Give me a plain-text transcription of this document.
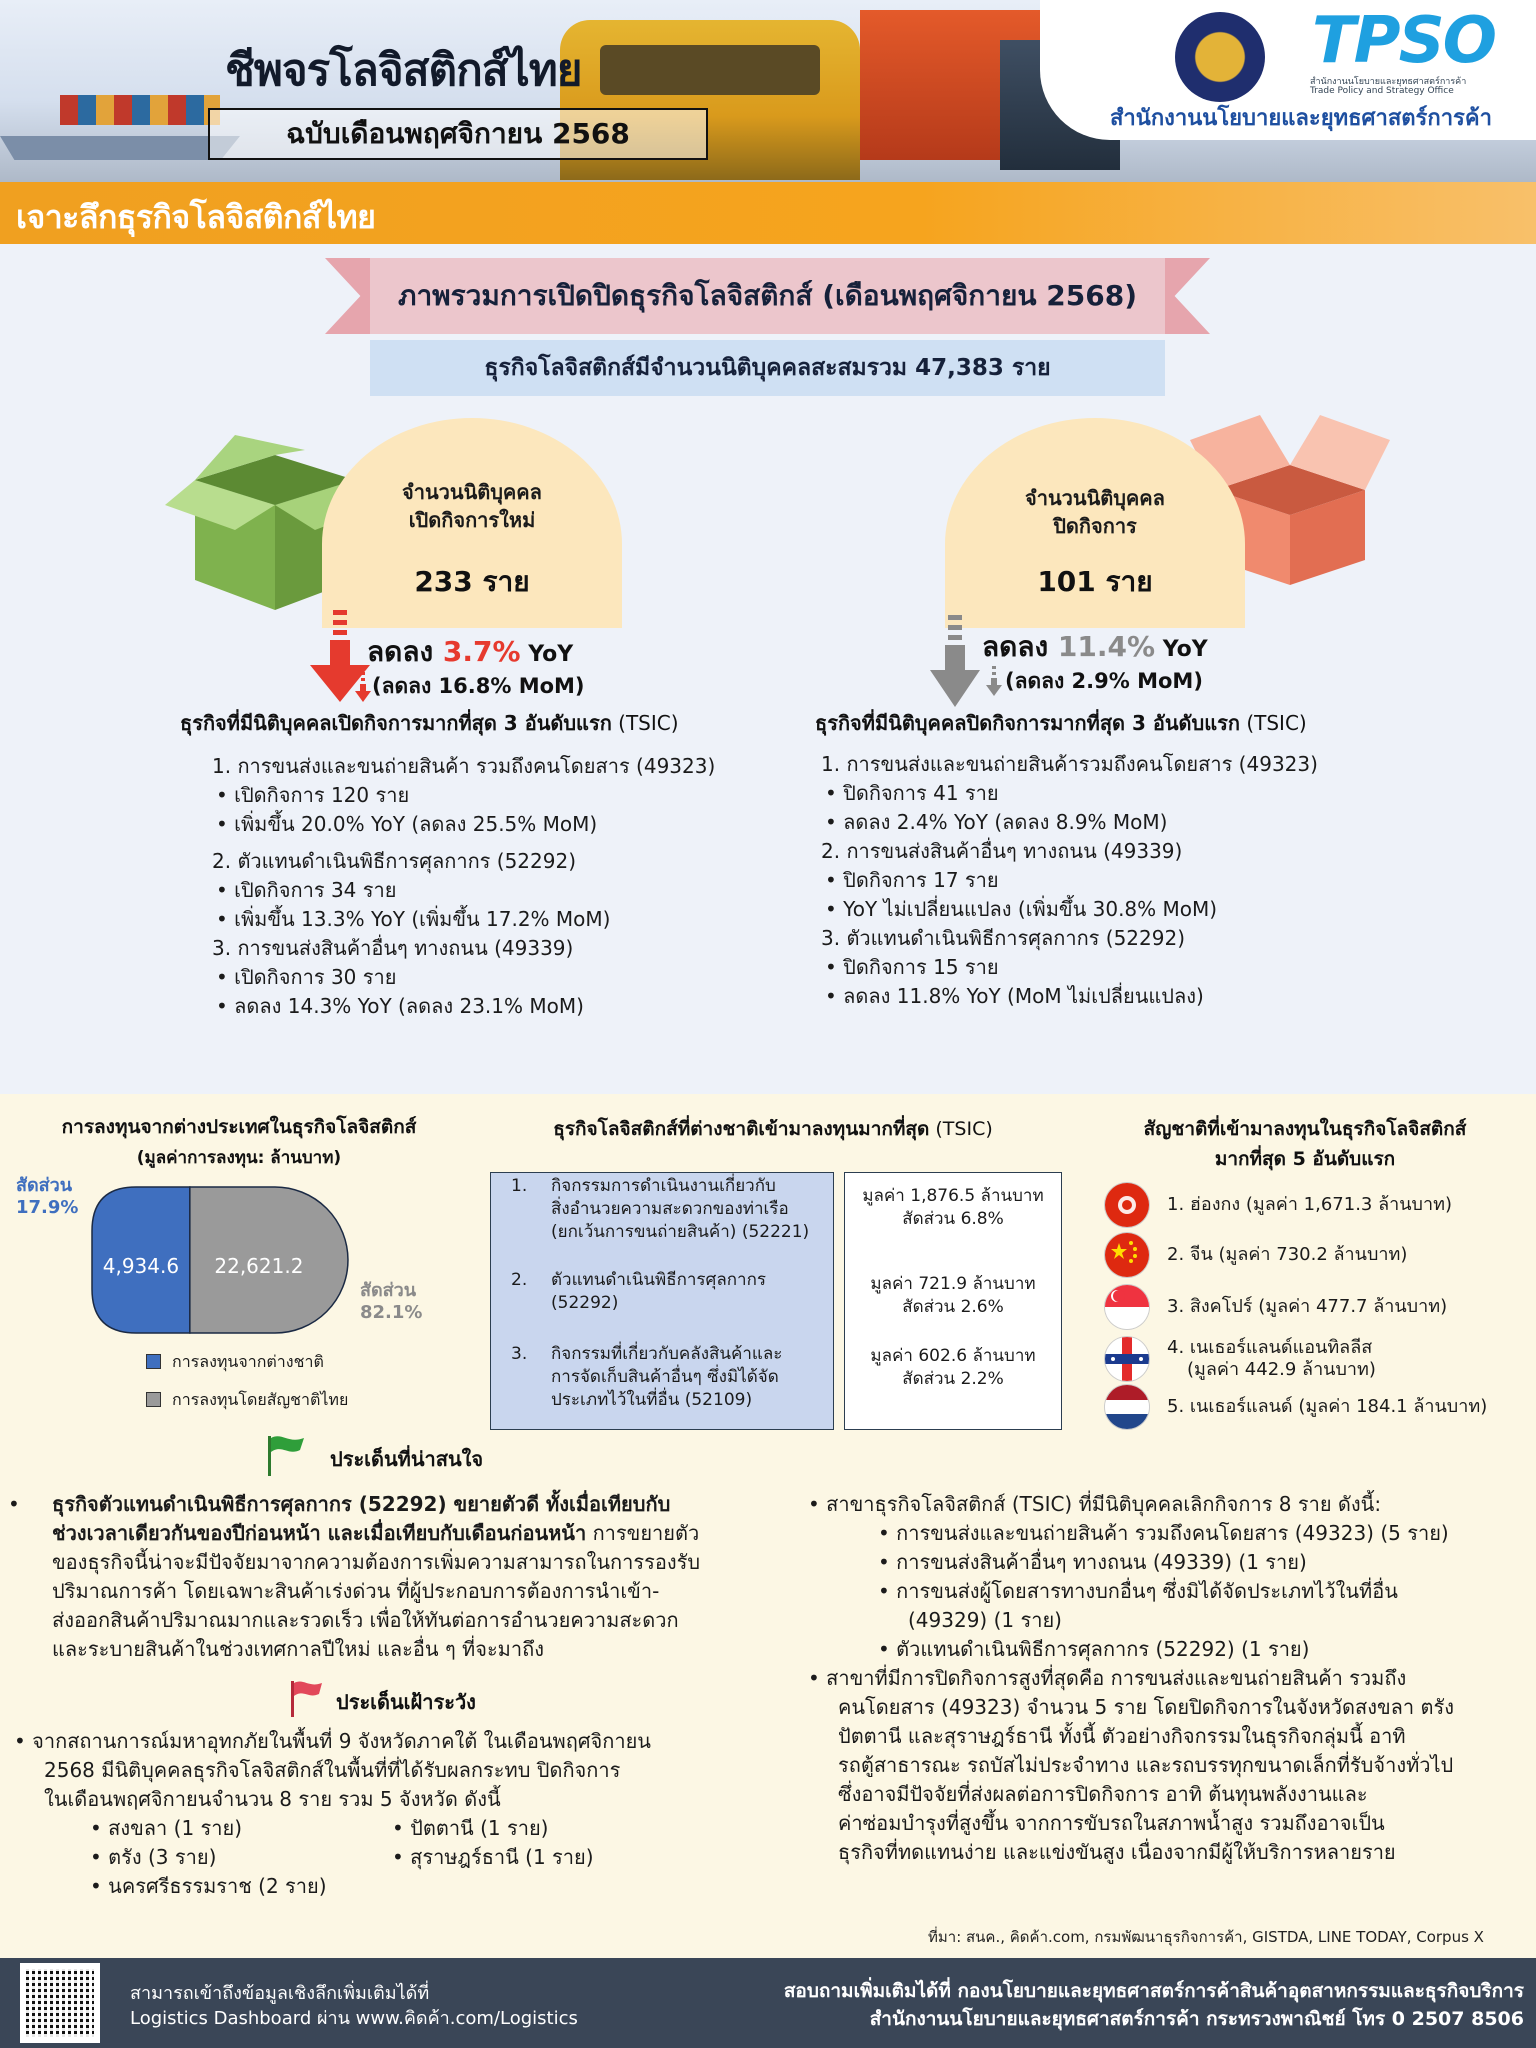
ชีพจรโลจิสติกส์ไทย
ฉบับเดือนพฤศจิกายน 2568
TPSO
สำนักงานนโยบายและยุทธศาสตร์การค้า
Trade Policy and Strategy Office
สำนักงานนโยบายและยุทธศาสตร์การค้า
เจาะลึกธุรกิจโลจิสติกส์ไทย
ภาพรวมการเปิดปิดธุรกิจโลจิสติกส์ (เดือนพฤศจิกายน 2568)
ธุรกิจโลจิสติกส์มีจำนวนนิติบุคคลสะสมรวม 47,383 ราย
จำนวนนิติบุคคล
เปิดกิจการใหม่
233 ราย
จำนวนนิติบุคคล
ปิดกิจการ
101 ราย
ลดลง 3.7% YoY
(ลดลง 16.8% MoM)
ลดลง 11.4% YoY
(ลดลง 2.9% MoM)
ธุรกิจที่มีนิติบุคคลเปิดกิจการมากที่สุด 3 อันดับแรก (TSIC)	ธุรกิจที่มีนิติบุคคลปิดกิจการมากที่สุด 3 อันดับแรก (TSIC)
1. การขนส่งและขนถ่ายสินค้า รวมถึงคนโดยสาร (49323)
• เปิดกิจการ 120 ราย
• เพิ่มขึ้น 20.0% YoY (ลดลง 25.5% MoM)
2. ตัวแทนดำเนินพิธีการศุลกากร (52292)
• เปิดกิจการ 34 ราย
• เพิ่มขึ้น 13.3% YoY (เพิ่มขึ้น 17.2% MoM)
3. การขนส่งสินค้าอื่นๆ ทางถนน (49339)
• เปิดกิจการ 30 ราย
• ลดลง 14.3% YoY (ลดลง 23.1% MoM)
1. การขนส่งและขนถ่ายสินค้ารวมถึงคนโดยสาร (49323)
• ปิดกิจการ 41 ราย
• ลดลง 2.4% YoY (ลดลง 8.9% MoM)
2. การขนส่งสินค้าอื่นๆ ทางถนน (49339)
• ปิดกิจการ 17 ราย
• YoY ไม่เปลี่ยนแปลง (เพิ่มขึ้น 30.8% MoM)
3. ตัวแทนดำเนินพิธีการศุลกากร (52292)
• ปิดกิจการ 15 ราย
• ลดลง 11.8% YoY (MoM ไม่เปลี่ยนแปลง)
การลงทุนจากต่างประเทศในธุรกิจโลจิสติกส์
(มูลค่าการลงทุน: ล้านบาท)
สัดส่วน
17.9%
สัดส่วน
82.1%
4,934.6 22,621.2
การลงทุนจากต่างชาติ
การลงทุนโดยสัญชาติไทย
ธุรกิจโลจิสติกส์ที่ต่างชาติเข้ามาลงทุนมากที่สุด (TSIC)
1. กิจกรรมการดำเนินงานเกี่ยวกับ
สิ่งอำนวยความสะดวกของท่าเรือ
(ยกเว้นการขนถ่ายสินค้า) (52221)
2. ตัวแทนดำเนินพิธีการศุลกากร
(52292)
3. กิจกรรมที่เกี่ยวกับคลังสินค้าและ
การจัดเก็บสินค้าอื่นๆ ซึ่งมิได้จัด
ประเภทไว้ในที่อื่น (52109)
มูลค่า 1,876.5 ล้านบาท
สัดส่วน 6.8%
มูลค่า 721.9 ล้านบาท
สัดส่วน 2.6%
มูลค่า 602.6 ล้านบาท
สัดส่วน 2.2%
สัญชาติที่เข้ามาลงทุนในธุรกิจโลจิสติกส์
มากที่สุด 5 อันดับแรก
1. ฮ่องกง (มูลค่า 1,671.3 ล้านบาท)
2. จีน (มูลค่า 730.2 ล้านบาท)
3. สิงคโปร์ (มูลค่า 477.7 ล้านบาท)
4. เนเธอร์แลนด์แอนทิลลีส
(มูลค่า 442.9 ล้านบาท)
5. เนเธอร์แลนด์ (มูลค่า 184.1 ล้านบาท)
ประเด็นที่น่าสนใจ
• ธุรกิจตัวแทนดำเนินพิธีการศุลกากร (52292) ขยายตัวดี ทั้งเมื่อเทียบกับ
ช่วงเวลาเดียวกันของปีก่อนหน้า และเมื่อเทียบกับเดือนก่อนหน้า การขยายตัว
ของธุรกิจนี้น่าจะมีปัจจัยมาจากความต้องการเพิ่มความสามารถในการรองรับ
ปริมาณการค้า โดยเฉพาะสินค้าเร่งด่วน ที่ผู้ประกอบการต้องการนำเข้า-
ส่งออกสินค้าปริมาณมากและรวดเร็ว เพื่อให้ทันต่อการอำนวยความสะดวก
และระบายสินค้าในช่วงเทศกาลปีใหม่ และอื่น ๆ ที่จะมาถึง
ประเด็นเฝ้าระวัง
• จากสถานการณ์มหาอุทกภัยในพื้นที่ 9 จังหวัดภาคใต้ ในเดือนพฤศจิกายน
2568 มีนิติบุคคลธุรกิจโลจิสติกส์ในพื้นที่ที่ได้รับผลกระทบ ปิดกิจการ
ในเดือนพฤศจิกายนจำนวน 8 ราย รวม 5 จังหวัด ดังนี้
• สงขลา (1 ราย)
• ตรัง (3 ราย)
• นครศรีธรรมราช (2 ราย)
• ปัตตานี (1 ราย)
• สุราษฎร์ธานี (1 ราย)
• สาขาธุรกิจโลจิสติกส์ (TSIC) ที่มีนิติบุคคลเลิกกิจการ 8 ราย ดังนี้:
• การขนส่งและขนถ่ายสินค้า รวมถึงคนโดยสาร (49323) (5 ราย)
• การขนส่งสินค้าอื่นๆ ทางถนน (49339) (1 ราย)
• การขนส่งผู้โดยสารทางบกอื่นๆ ซึ่งมิได้จัดประเภทไว้ในที่อื่น
(49329) (1 ราย)
• ตัวแทนดำเนินพิธีการศุลกากร (52292) (1 ราย)
• สาขาที่มีการปิดกิจการสูงที่สุดคือ การขนส่งและขนถ่ายสินค้า รวมถึง
คนโดยสาร (49323) จำนวน 5 ราย โดยปิดกิจการในจังหวัดสงขลา ตรัง
ปัตตานี และสุราษฎร์ธานี ทั้งนี้ ตัวอย่างกิจกรรมในธุรกิจกลุ่มนี้ อาทิ
รถตู้สาธารณะ รถบัสไม่ประจำทาง และรถบรรทุกขนาดเล็กที่รับจ้างทั่วไป
ซึ่งอาจมีปัจจัยที่ส่งผลต่อการปิดกิจการ อาทิ ต้นทุนพลังงานและ
ค่าซ่อมบำรุงที่สูงขึ้น จากการขับรถในสภาพน้ำสูง รวมถึงอาจเป็น
ธุรกิจที่ทดแทนง่าย และแข่งขันสูง เนื่องจากมีผู้ให้บริการหลายราย
ที่มา: สนค., คิดค้า.com, กรมพัฒนาธุรกิจการค้า, GISTDA, LINE TODAY, Corpus X
สามารถเข้าถึงข้อมูลเชิงลึกเพิ่มเติมได้ที่
Logistics Dashboard ผ่าน www.คิดค้า.com/Logistics
สอบถามเพิ่มเติมได้ที่ กองนโยบายและยุทธศาสตร์การค้าสินค้าอุตสาหกรรมและธุรกิจบริการ
สำนักงานนโยบายและยุทธศาสตร์การค้า กระทรวงพาณิชย์ โทร 0 2507 8506
